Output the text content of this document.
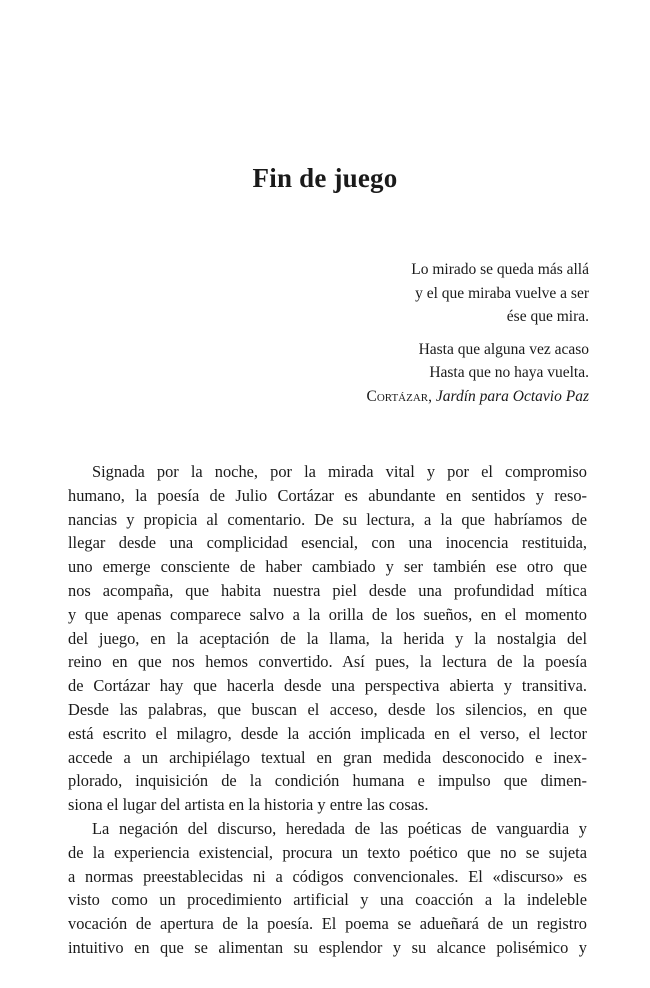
Fin de juego
Lo mirado se queda más allá
y el que miraba vuelve a ser
ése que mira.
Hasta que alguna vez acaso
Hasta que no haya vuelta.
Cortázar, Jardín para Octavio Paz
Signada por la noche, por la mirada vital y por el compromiso
humano, la poesía de Julio Cortázar es abundante en sentidos y reso-
nancias y propicia al comentario. De su lectura, a la que habríamos de
llegar desde una complicidad esencial, con una inocencia restituida,
uno emerge consciente de haber cambiado y ser también ese otro que
nos acompaña, que habita nuestra piel desde una profundidad mítica
y que apenas comparece salvo a la orilla de los sueños, en el momento
del juego, en la aceptación de la llama, la herida y la nostalgia del
reino en que nos hemos convertido. Así pues, la lectura de la poesía
de Cortázar hay que hacerla desde una perspectiva abierta y transitiva.
Desde las palabras, que buscan el acceso, desde los silencios, en que
está escrito el milagro, desde la acción implicada en el verso, el lector
accede a un archipiélago textual en gran medida desconocido e inex-
plorado, inquisición de la condición humana e impulso que dimen-
siona el lugar del artista en la historia y entre las cosas.
La negación del discurso, heredada de las poéticas de vanguardia y
de la experiencia existencial, procura un texto poético que no se sujeta
a normas preestablecidas ni a códigos convencionales. El «discurso» es
visto como un procedimiento artificial y una coacción a la indeleble
vocación de apertura de la poesía. El poema se adueñará de un registro
intuitivo en que se alimentan su esplendor y su alcance polisémico y
